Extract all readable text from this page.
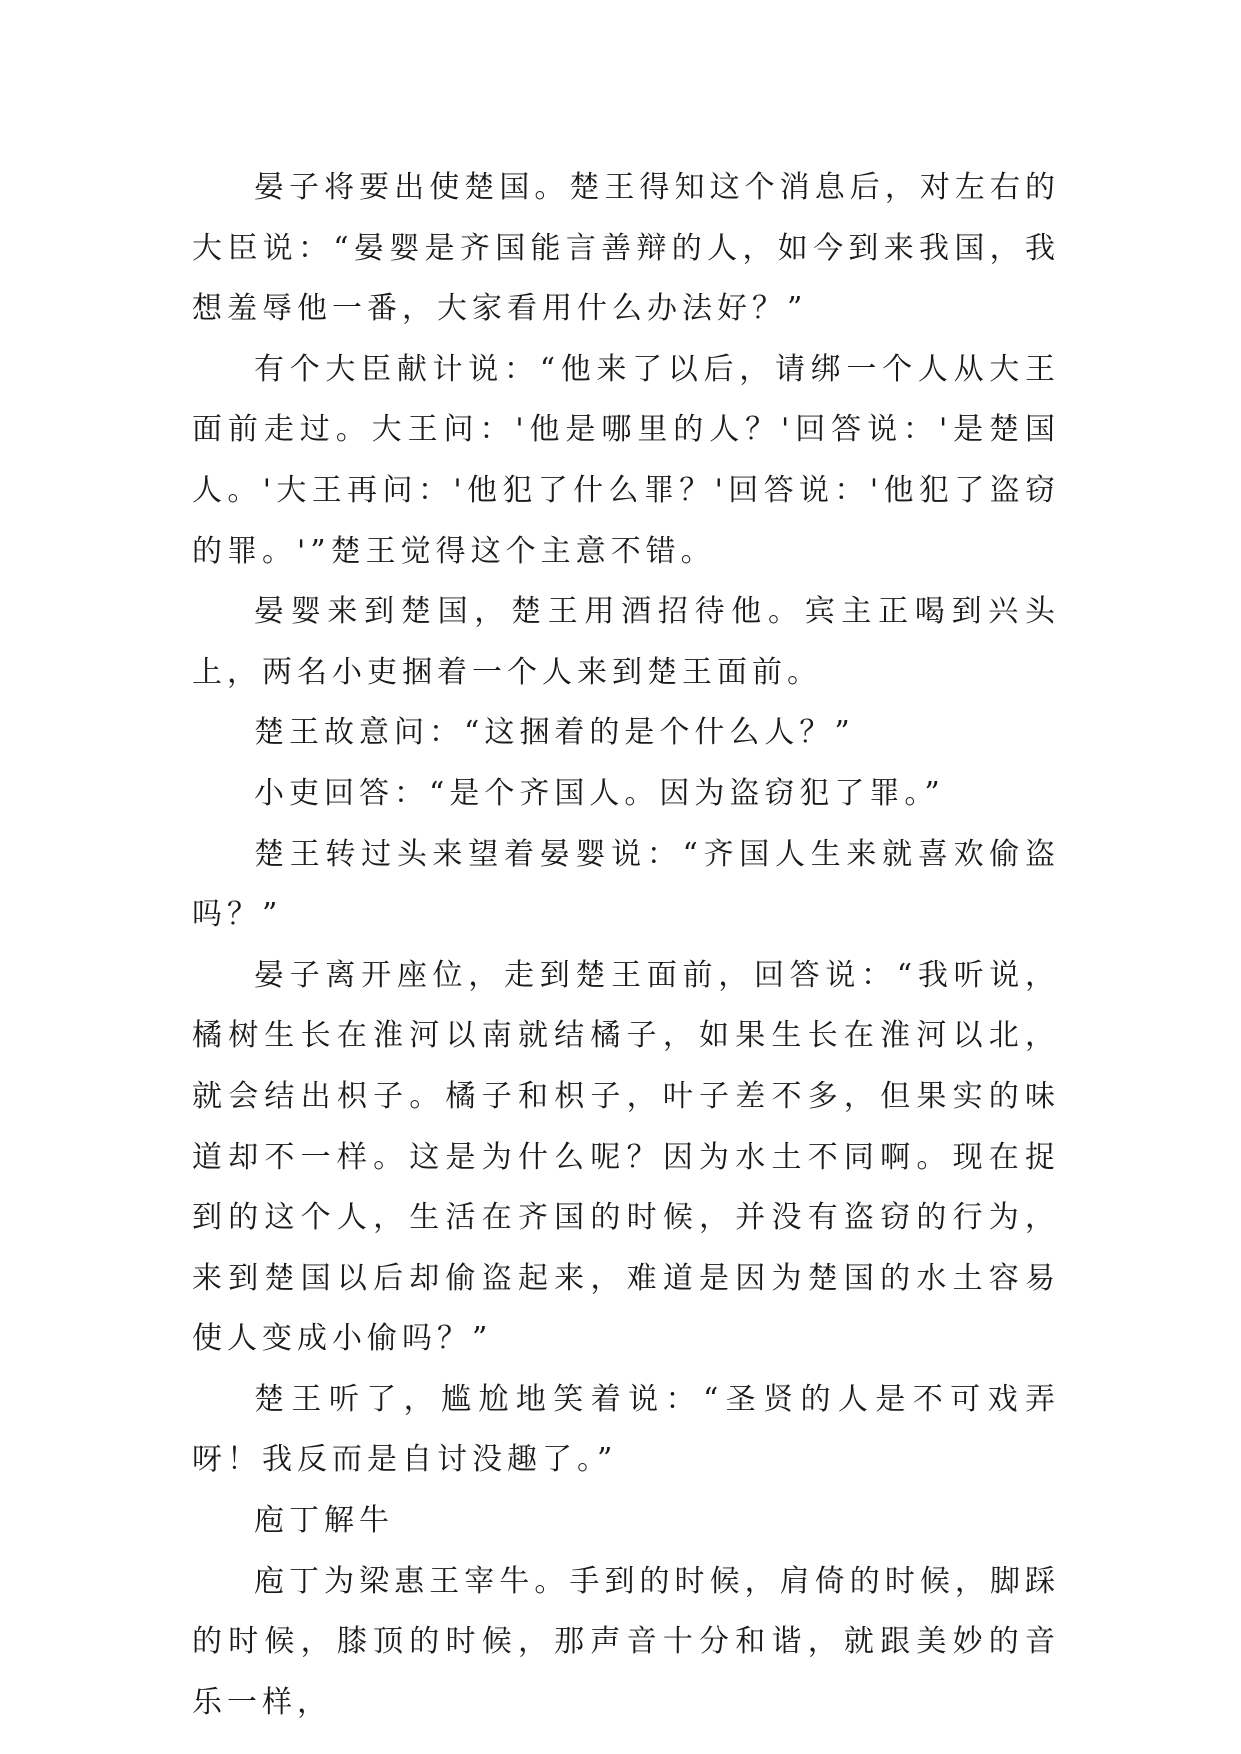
晏子将要出使楚国。楚王得知这个消息后，对左右的大臣说：“晏婴是齐国能言善辩的人，如今到来我国，我想羞辱他一番，大家看用什么办法好？”

有个大臣献计说：“他来了以后，请绑一个人从大王面前走过。大王问：'他是哪里的人？'回答说：'是楚国人。'大王再问：'他犯了什么罪？'回答说：'他犯了盗窃的罪。'”楚王觉得这个主意不错。

晏婴来到楚国，楚王用酒招待他。宾主正喝到兴头上，两名小吏捆着一个人来到楚王面前。

楚王故意问：“这捆着的是个什么人？”

小吏回答：“是个齐国人。因为盗窃犯了罪。”

楚王转过头来望着晏婴说：“齐国人生来就喜欢偷盗吗？”

晏子离开座位，走到楚王面前，回答说：“我听说，橘树生长在淮河以南就结橘子，如果生长在淮河以北，就会结出枳子。橘子和枳子，叶子差不多，但果实的味道却不一样。这是为什么呢？因为水土不同啊。现在捉到的这个人，生活在齐国的时候，并没有盗窃的行为，来到楚国以后却偷盗起来，难道是因为楚国的水土容易使人变成小偷吗？”

楚王听了，尴尬地笑着说：“圣贤的人是不可戏弄呀！我反而是自讨没趣了。”

庖丁解牛

庖丁为梁惠王宰牛。手到的时候，肩倚的时候，脚踩的时候，膝顶的时候，那声音十分和谐，就跟美妙的音乐一样，
